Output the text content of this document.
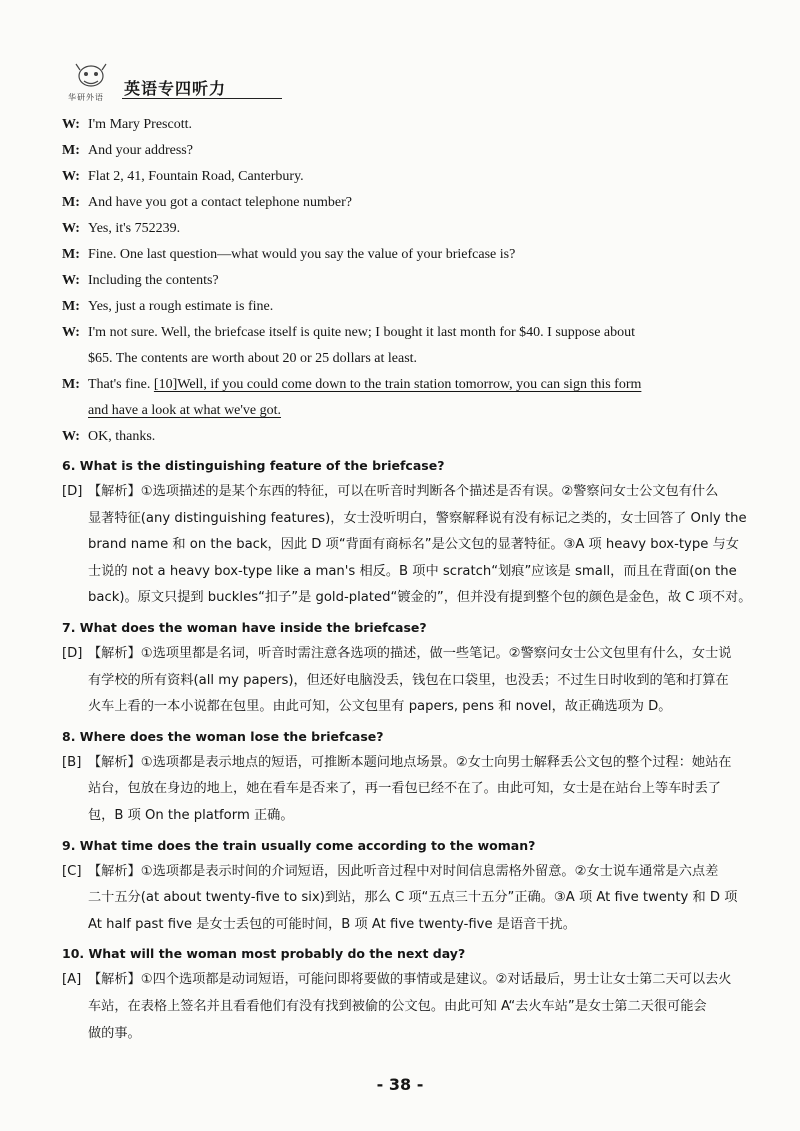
华研外语 英语专四听力
W: I'm Mary Prescott.
M: And your address?
W: Flat 2, 41, Fountain Road, Canterbury.
M: And have you got a contact telephone number?
W: Yes, it's 752239.
M: Fine. One last question—what would you say the value of your briefcase is?
W: Including the contents?
M: Yes, just a rough estimate is fine.
W: I'm not sure. Well, the briefcase itself is quite new; I bought it last month for $40. I suppose about
$65. The contents are worth about 20 or 25 dollars at least.
M: That's fine. [10]Well, if you could come down to the train station tomorrow, you can sign this form
and have a look at what we've got.
W: OK, thanks.
6. What is the distinguishing feature of the briefcase?
[D] 【解析】①选项描述的是某个东西的特征，可以在听音时判断各个描述是否有误。②警察问女士公文包有什么
显著特征(any distinguishing features)，女士没听明白，警察解释说有没有标记之类的，女士回答了 Only the
brand name 和 on the back，因此 D 项“背面有商标名”是公文包的显著特征。③A 项 heavy box-type 与女
士说的 not a heavy box-type like a man's 相反。B 项中 scratch“划痕”应该是 small，而且在背面(on the
back)。原文只提到 buckles“扣子”是 gold-plated“镀金的”，但并没有提到整个包的颜色是金色，故 C 项不对。
7. What does the woman have inside the briefcase?
[D] 【解析】①选项里都是名词，听音时需注意各选项的描述，做一些笔记。②警察问女士公文包里有什么，女士说
有学校的所有资料(all my papers)，但还好电脑没丢，钱包在口袋里，也没丢；不过生日时收到的笔和打算在
火车上看的一本小说都在包里。由此可知，公文包里有 papers, pens 和 novel，故正确选项为 D。
8. Where does the woman lose the briefcase?
[B] 【解析】①选项都是表示地点的短语，可推断本题问地点场景。②女士向男士解释丢公文包的整个过程：她站在
站台，包放在身边的地上，她在看车是否来了，再一看包已经不在了。由此可知，女士是在站台上等车时丢了
包，B 项 On the platform 正确。
9. What time does the train usually come according to the woman?
[C] 【解析】①选项都是表示时间的介词短语，因此听音过程中对时间信息需格外留意。②女士说车通常是六点差
二十五分(at about twenty-five to six)到站，那么 C 项“五点三十五分”正确。③A 项 At five twenty 和 D 项
At half past five 是女士丢包的可能时间，B 项 At five twenty-five 是语音干扰。
10. What will the woman most probably do the next day?
[A] 【解析】①四个选项都是动词短语，可能问即将要做的事情或是建议。②对话最后，男士让女士第二天可以去火
车站，在表格上签名并且看看他们有没有找到被偷的公文包。由此可知 A“去火车站”是女士第二天很可能会
做的事。
- 38 -
